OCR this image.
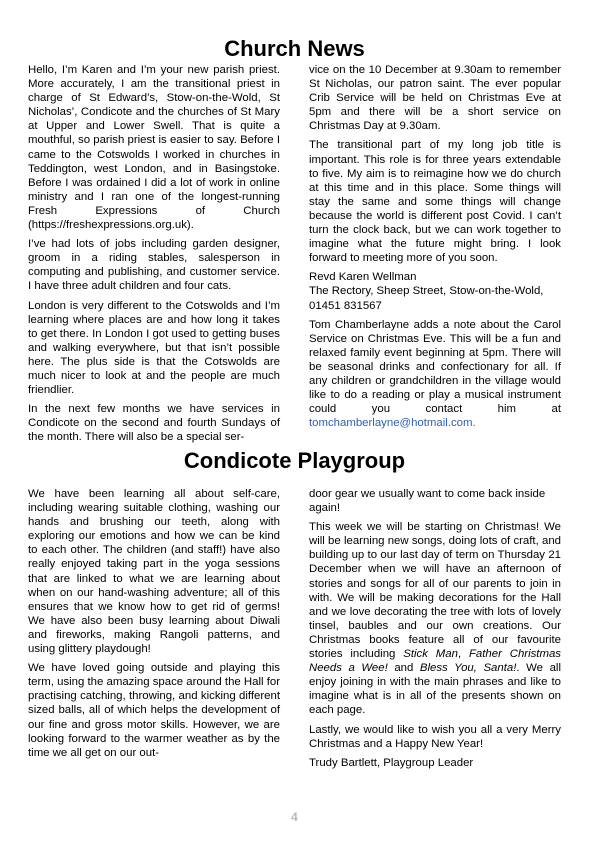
Church News

Hello, I’m Karen and I’m your new parish priest. More accurately, I am the transitional priest in charge of St Edward’s, Stow-on-the-Wold, St Nicholas’, Condicote and the churches of St Mary at Upper and Lower Swell. That is quite a mouthful, so parish priest is easier to say. Before I came to the Cotswolds I worked in churches in Teddington, west London, and in Basingstoke. Before I was ordained I did a lot of work in online ministry and I ran one of the longest-running Fresh Expressions of Church (https://freshexpressions.org.uk).

I’ve had lots of jobs including garden designer, groom in a riding stables, salesperson in computing and publishing, and customer service. I have three adult children and four cats.

London is very different to the Cotswolds and I’m learning where places are and how long it takes to get there. In London I got used to getting buses and walking everywhere, but that isn’t possible here. The plus side is that the Cotswolds are much nicer to look at and the people are much friendlier.

In the next few months we have services in Condicote on the second and fourth Sundays of the month. There will also be a special ser-

vice on the 10 December at 9.30am to remember St Nicholas, our patron saint. The ever popular Crib Service will be held on Christmas Eve at 5pm and there will be a short service on Christmas Day at 9.30am.

The transitional part of my long job title is important. This role is for three years extendable to five. My aim is to reimagine how we do church at this time and in this place. Some things will stay the same and some things will change because the world is different post Covid. I can’t turn the clock back, but we can work together to imagine what the future might bring. I look forward to meeting more of you soon.

Revd Karen Wellman

The Rectory, Sheep Street, Stow-on-the-Wold, 01451 831567

Tom Chamberlayne adds a note about the Carol Service on Christmas Eve. This will be a fun and relaxed family event beginning at 5pm. There will be seasonal drinks and confectionary for all. If any children or grandchildren in the village would like to do a reading or play a musical instrument could you contact him at tomchamberlayne@hotmail.com.

Condicote Playgroup

We have been learning all about self-care, including wearing suitable clothing, washing our hands and brushing our teeth, along with exploring our emotions and how we can be kind to each other. The children (and staff!) have also really enjoyed taking part in the yoga sessions that are linked to what we are learning about when on our hand-washing adventure; all of this ensures that we know how to get rid of germs! We have also been busy learning about Diwali and fireworks, making Rangoli patterns, and using glittery playdough!

We have loved going outside and playing this term, using the amazing space around the Hall for practising catching, throwing, and kicking different sized balls, all of which helps the development of our fine and gross motor skills. However, we are looking forward to the warmer weather as by the time we all get on our out-

door gear we usually want to come back inside again!

This week we will be starting on Christmas! We will be learning new songs, doing lots of craft, and building up to our last day of term on Thursday 21 December when we will have an afternoon of stories and songs for all of our parents to join in with. We will be making decorations for the Hall and we love decorating the tree with lots of lovely tinsel, baubles and our own creations. Our Christmas books feature all of our favourite stories including Stick Man, Father Christmas Needs a Wee! and Bless You, Santa!. We all enjoy joining in with the main phrases and like to imagine what is in all of the presents shown on each page.

Lastly, we would like to wish you all a very Merry Christmas and a Happy New Year!

Trudy Bartlett, Playgroup Leader

4
